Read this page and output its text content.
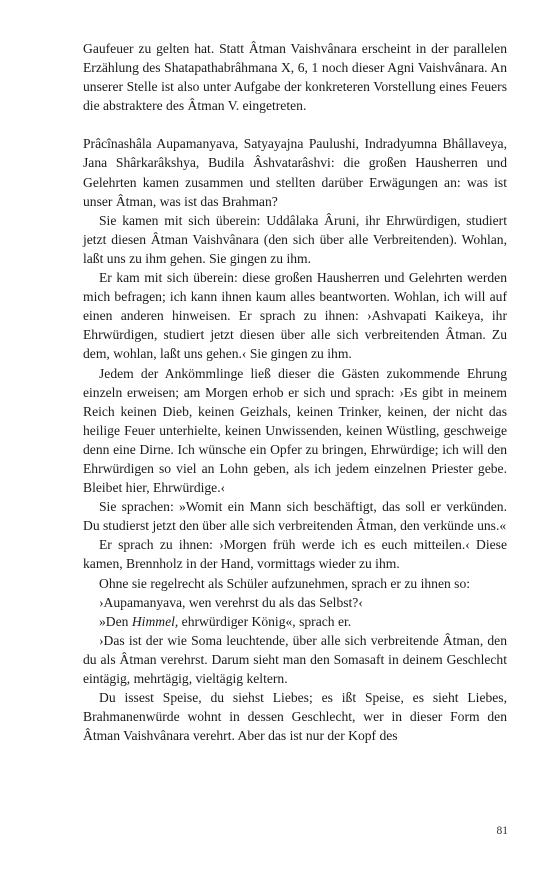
Gaufeuer zu gelten hat. Statt Âtman Vaishvânara erscheint in der parallelen Erzählung des Shatapathabrâhmana X, 6, 1 noch dieser Agni Vaishvânara. An unserer Stelle ist also unter Aufgabe der konkreteren Vorstellung eines Feuers die abstraktere des Âtman V. eingetreten.

Prâcînashâla Aupamanyava, Satyayajna Paulushi, Indradyumna Bhâllaveya, Jana Shârkarâkshya, Budila Âshvatarâshvi: die großen Hausherren und Gelehrten kamen zusammen und stellten darüber Erwägungen an: was ist unser Âtman, was ist das Brahman?

Sie kamen mit sich überein: Uddâlaka Âruni, ihr Ehrwürdigen, studiert jetzt diesen Âtman Vaishvânara (den sich über alle Verbreitenden). Wohlan, laßt uns zu ihm gehen. Sie gingen zu ihm.

Er kam mit sich überein: diese großen Hausherren und Gelehrten werden mich befragen; ich kann ihnen kaum alles beantworten. Wohlan, ich will auf einen anderen hinweisen. Er sprach zu ihnen: ›Ashvapati Kaikeya, ihr Ehrwürdigen, studiert jetzt diesen über alle sich verbreitenden Âtman. Zu dem, wohlan, laßt uns gehen.‹ Sie gingen zu ihm.

Jedem der Ankömmlinge ließ dieser die Gästen zukommende Ehrung einzeln erweisen; am Morgen erhob er sich und sprach: ›Es gibt in meinem Reich keinen Dieb, keinen Geizhals, keinen Trinker, keinen, der nicht das heilige Feuer unterhielte, keinen Unwissenden, keinen Wüstling, geschweige denn eine Dirne. Ich wünsche ein Opfer zu bringen, Ehrwürdige; ich will den Ehrwürdigen so viel an Lohn geben, als ich jedem einzelnen Priester gebe. Bleibet hier, Ehrwürdige.‹

Sie sprachen: »Womit ein Mann sich beschäftigt, das soll er verkünden. Du studierst jetzt den über alle sich verbreitenden Âtman, den verkünde uns.«

Er sprach zu ihnen: ›Morgen früh werde ich es euch mitteilen.‹ Diese kamen, Brennholz in der Hand, vormittags wieder zu ihm.

Ohne sie regelrecht als Schüler aufzunehmen, sprach er zu ihnen so:

›Aupamanyava, wen verehrst du als das Selbst?‹

»Den Himmel, ehrwürdiger König«, sprach er.

›Das ist der wie Soma leuchtende, über alle sich verbreitende Âtman, den du als Âtman verehrst. Darum sieht man den Somasaft in deinem Geschlecht eintägig, mehrtägig, vieltägig keltern.

Du issest Speise, du siehst Liebes; es ißt Speise, es sieht Liebes, Brahmanenwürde wohnt in dessen Geschlecht, wer in dieser Form den Âtman Vaishvânara verehrt. Aber das ist nur der Kopf des

81
